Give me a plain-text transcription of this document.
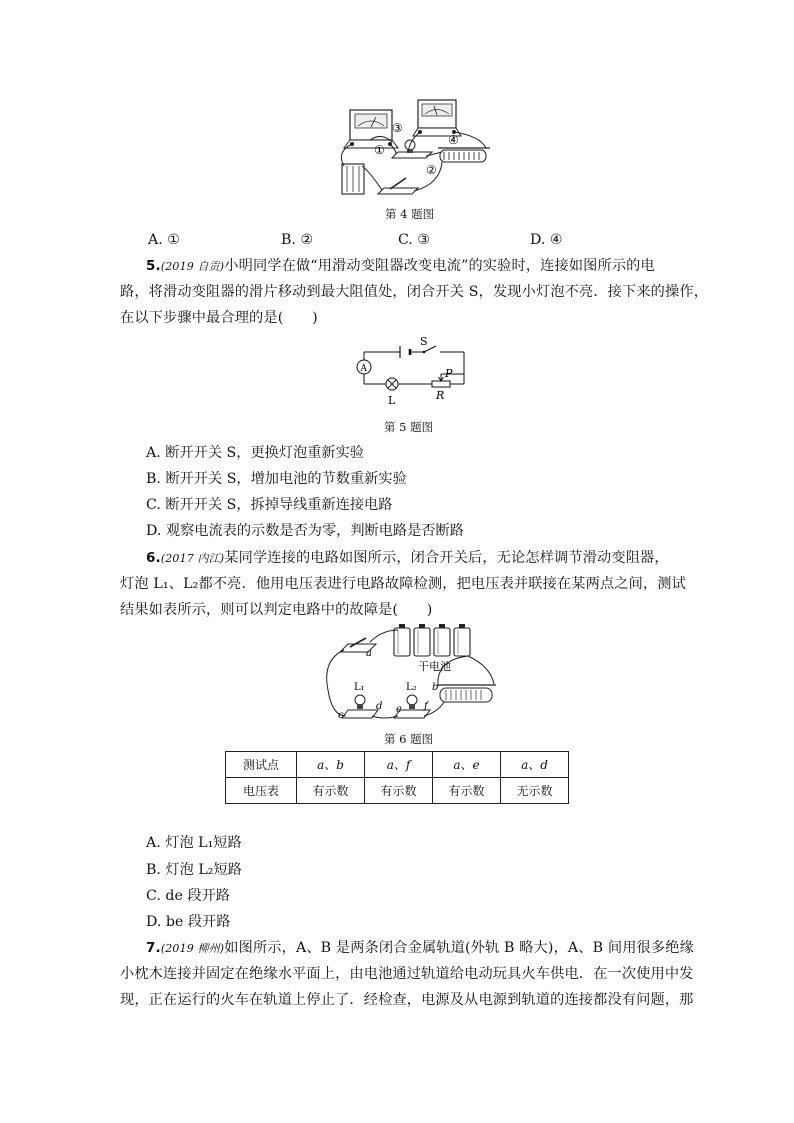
①
②
③
④
第 4 题图
A. ①	B. ②	C. ③	D. ④
5.(2019 自贡)小明同学在做“用滑动变阻器改变电流”的实验时，连接如图所示的电
路，将滑动变阻器的滑片移动到最大阻值处，闭合开关 S，发现小灯泡不亮．接下来的操作，
在以下步骤中最合理的是(　　)
S
A
L
P
R
第 5 题图
A. 断开开关 S，更换灯泡重新实验
B. 断开开关 S，增加电池的节数重新实验
C. 断开开关 S，拆掉导线重新连接电路
D. 观察电流表的示数是否为零，判断电路是否断路
6.(2017 内江)某同学连接的电路如图所示，闭合开关后，无论怎样调节滑动变阻器，
灯泡 L₁、L₂都不亮．他用电压表进行电路故障检测，把电压表并联接在某两点之间，测试
结果如表所示，则可以判定电路中的故障是(　　)
干电池
L₁	L₂
a
b
c
d e f
第 6 题图
测试点	a、b	a、f	a、e	a、d
电压表	有示数	有示数	有示数	无示数
A. 灯泡 L₁短路
B. 灯泡 L₂短路
C. de 段开路
D. be 段开路
7.(2019 柳州)如图所示，A、B 是两条闭合金属轨道(外轨 B 略大)，A、B 间用很多绝缘
小枕木连接并固定在绝缘水平面上，由电池通过轨道给电动玩具火车供电．在一次使用中发
现，正在运行的火车在轨道上停止了．经检查，电源及从电源到轨道的连接都没有问题，那
